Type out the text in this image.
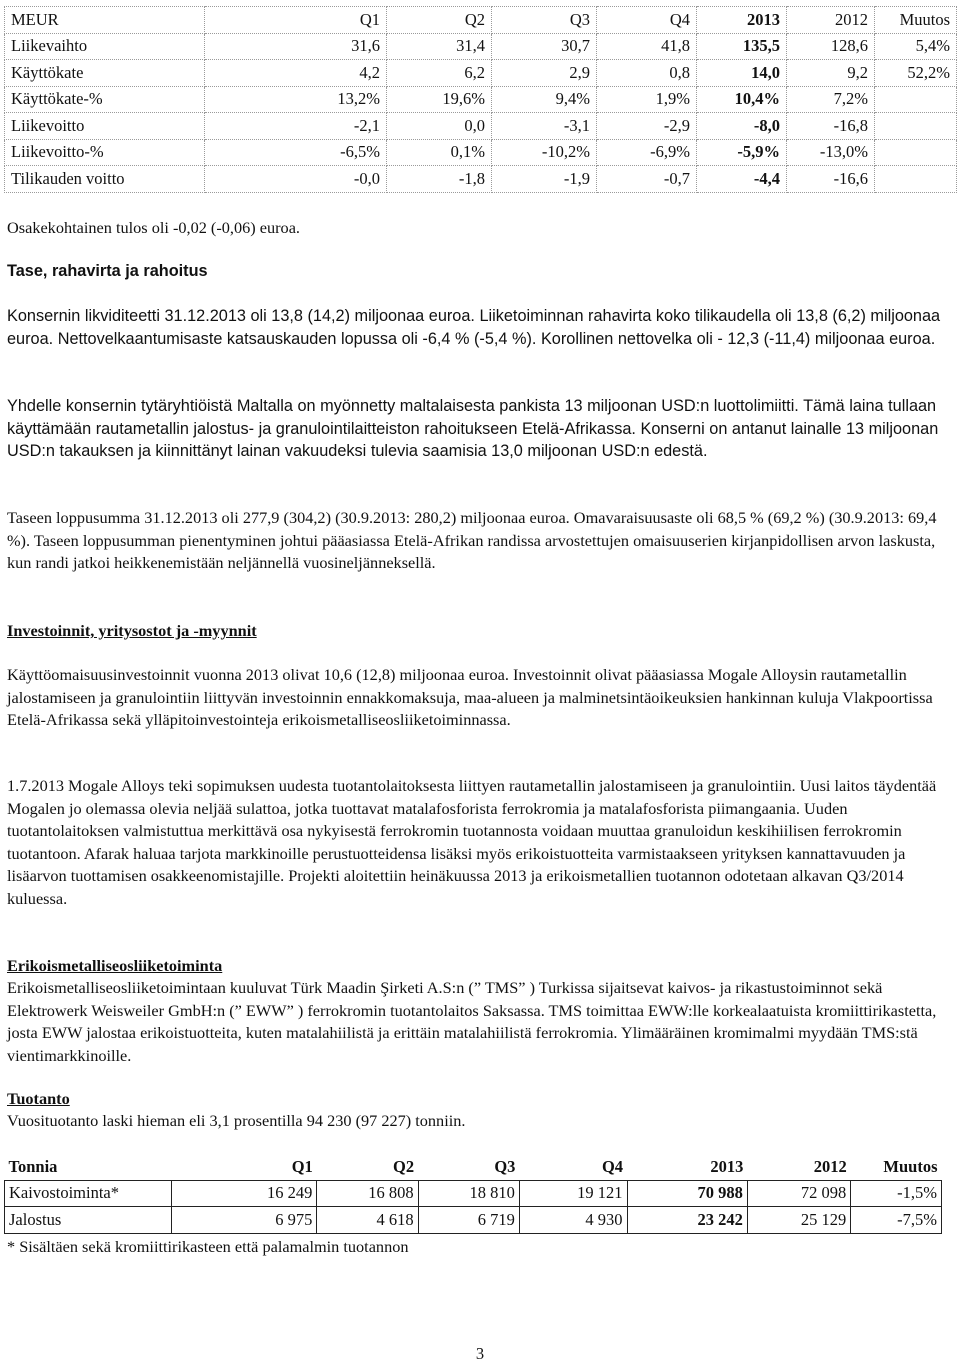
MEUR	Q1	Q2	Q3	Q4	2013	2012	Muutos
Liikevaihto	31,6	31,4	30,7	41,8	135,5	128,6	5,4%
Käyttökate	4,2	6,2	2,9	0,8	14,0	9,2	52,2%
Käyttökate-%	13,2%	19,6%	9,4%	1,9%	10,4%	7,2%	
Liikevoitto	-2,1	0,0	-3,1	-2,9	-8,0	-16,8	
Liikevoitto-%	-6,5%	0,1%	-10,2%	-6,9%	-5,9%	-13,0%	
Tilikauden voitto	-0,0	-1,8	-1,9	-0,7	-4,4	-16,6	
Osakekohtainen tulos oli -0,02 (-0,06) euroa.
Tase, rahavirta ja rahoitus
Konsernin likviditeetti 31.12.2013 oli 13,8 (14,2) miljoonaa euroa. Liiketoiminnan rahavirta koko tilikaudella oli 13,8 (6,2) miljoonaa euroa. Nettovelkaantumisaste katsauskauden lopussa oli -6,4 % (-5,4 %). Korollinen nettovelka oli - 12,3 (-11,4) miljoonaa euroa.
Yhdelle konsernin tytäryhtiöistä Maltalla on myönnetty maltalaisesta pankista 13 miljoonan USD:n luottolimiitti. Tämä laina tullaan käyttämään rautametallin jalostus- ja granulointilaitteiston rahoitukseen Etelä-Afrikassa. Konserni on antanut lainalle 13 miljoonan USD:n takauksen ja kiinnittänyt lainan vakuudeksi tulevia saamisia 13,0 miljoonan USD:n edestä.
Taseen loppusumma 31.12.2013 oli 277,9 (304,2) (30.9.2013: 280,2) miljoonaa euroa. Omavaraisuusaste oli 68,5 % (69,2 %) (30.9.2013: 69,4 %). Taseen loppusumman pienentyminen johtui pääasiassa Etelä-Afrikan randissa arvostettujen omaisuuserien kirjanpidollisen arvon laskusta, kun randi jatkoi heikkenemistään neljännellä vuosineljänneksellä.
Investoinnit, yritysostot ja -myynnit
Käyttöomaisuusinvestoinnit vuonna 2013 olivat 10,6 (12,8) miljoonaa euroa. Investoinnit olivat pääasiassa Mogale Alloysin rautametallin jalostamiseen ja granulointiin liittyvän investoinnin ennakkomaksuja, maa-alueen ja malminetsintäoikeuksien hankinnan kuluja Vlakpoortissa Etelä-Afrikassa sekä ylläpitoinvestointeja erikoismetalliseosliiketoiminnassa.
1.7.2013 Mogale Alloys teki sopimuksen uudesta tuotantolaitoksesta liittyen rautametallin jalostamiseen ja granulointiin. Uusi laitos täydentää Mogalen jo olemassa olevia neljää sulattoa, jotka tuottavat matalafosforista ferrokromia ja matalafosforista piimangaania. Uuden tuotantolaitoksen valmistuttua merkittävä osa nykyisestä ferrokromin tuotannosta voidaan muuttaa granuloidun keskihiilisen ferrokromin tuotantoon. Afarak haluaa tarjota markkinoille perustuotteidensa lisäksi myös erikoistuotteita varmistaakseen yrityksen kannattavuuden ja lisäarvon tuottamisen osakkeenomistajille. Projekti aloitettiin heinäkuussa 2013 ja erikoismetallien tuotannon odotetaan alkavan Q3/2014 kuluessa.
Erikoismetalliseosliiketoiminta
Erikoismetalliseosliiketoimintaan kuuluvat Türk Maadin Şirketi A.S:n (” TMS” ) Turkissa sijaitsevat kaivos- ja rikastustoiminnot sekä Elektrowerk Weisweiler GmbH:n (” EWW” ) ferrokromin tuotantolaitos Saksassa. TMS toimittaa EWW:lle korkealaatuista kromiittirikastetta, josta EWW jalostaa erikoistuotteita, kuten matalahiilistä ja erittäin matalahiilistä ferrokromia. Ylimääräinen kromimalmi myydään TMS:stä vientimarkkinoille.
Tuotanto
Vuosituotanto laski hieman eli 3,1 prosentilla 94 230 (97 227) tonniin.
Tonnia	Q1	Q2	Q3	Q4	2013	2012	Muutos
Kaivostoiminta*	16 249	16 808	18 810	19 121	70 988	72 098	-1,5%
Jalostus	6 975	4 618	6 719	4 930	23 242	25 129	-7,5%
* Sisältäen sekä kromiittirikasteen että palamalmin tuotannon
3
